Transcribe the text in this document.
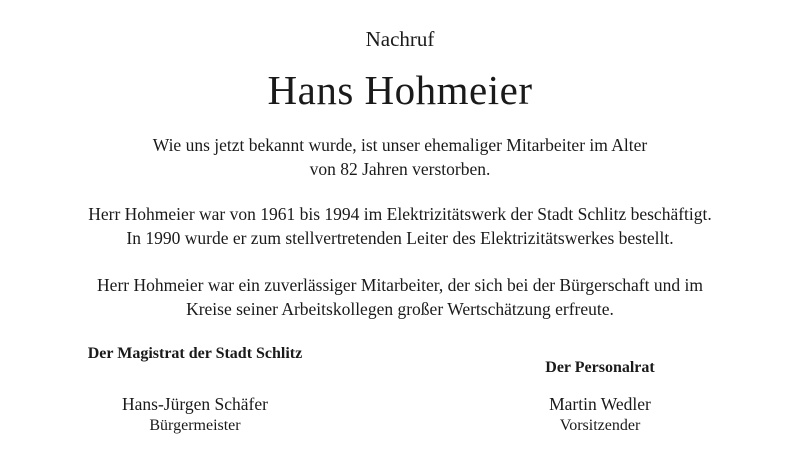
Nachruf
Hans Hohmeier
Wie uns jetzt bekannt wurde, ist unser ehemaliger Mitarbeiter im Alter
von 82 Jahren verstorben.
Herr Hohmeier war von 1961 bis 1994 im Elektrizitätswerk der Stadt Schlitz beschäftigt.
In 1990 wurde er zum stellvertretenden Leiter des Elektrizitätswerkes bestellt.
Herr Hohmeier war ein zuverlässiger Mitarbeiter, der sich bei der Bürgerschaft und im
Kreise seiner Arbeitskollegen großer Wertschätzung erfreute.
Der Magistrat der Stadt Schlitz
Hans-Jürgen Schäfer
Bürgermeister
Der Personalrat
Martin Wedler
Vorsitzender
